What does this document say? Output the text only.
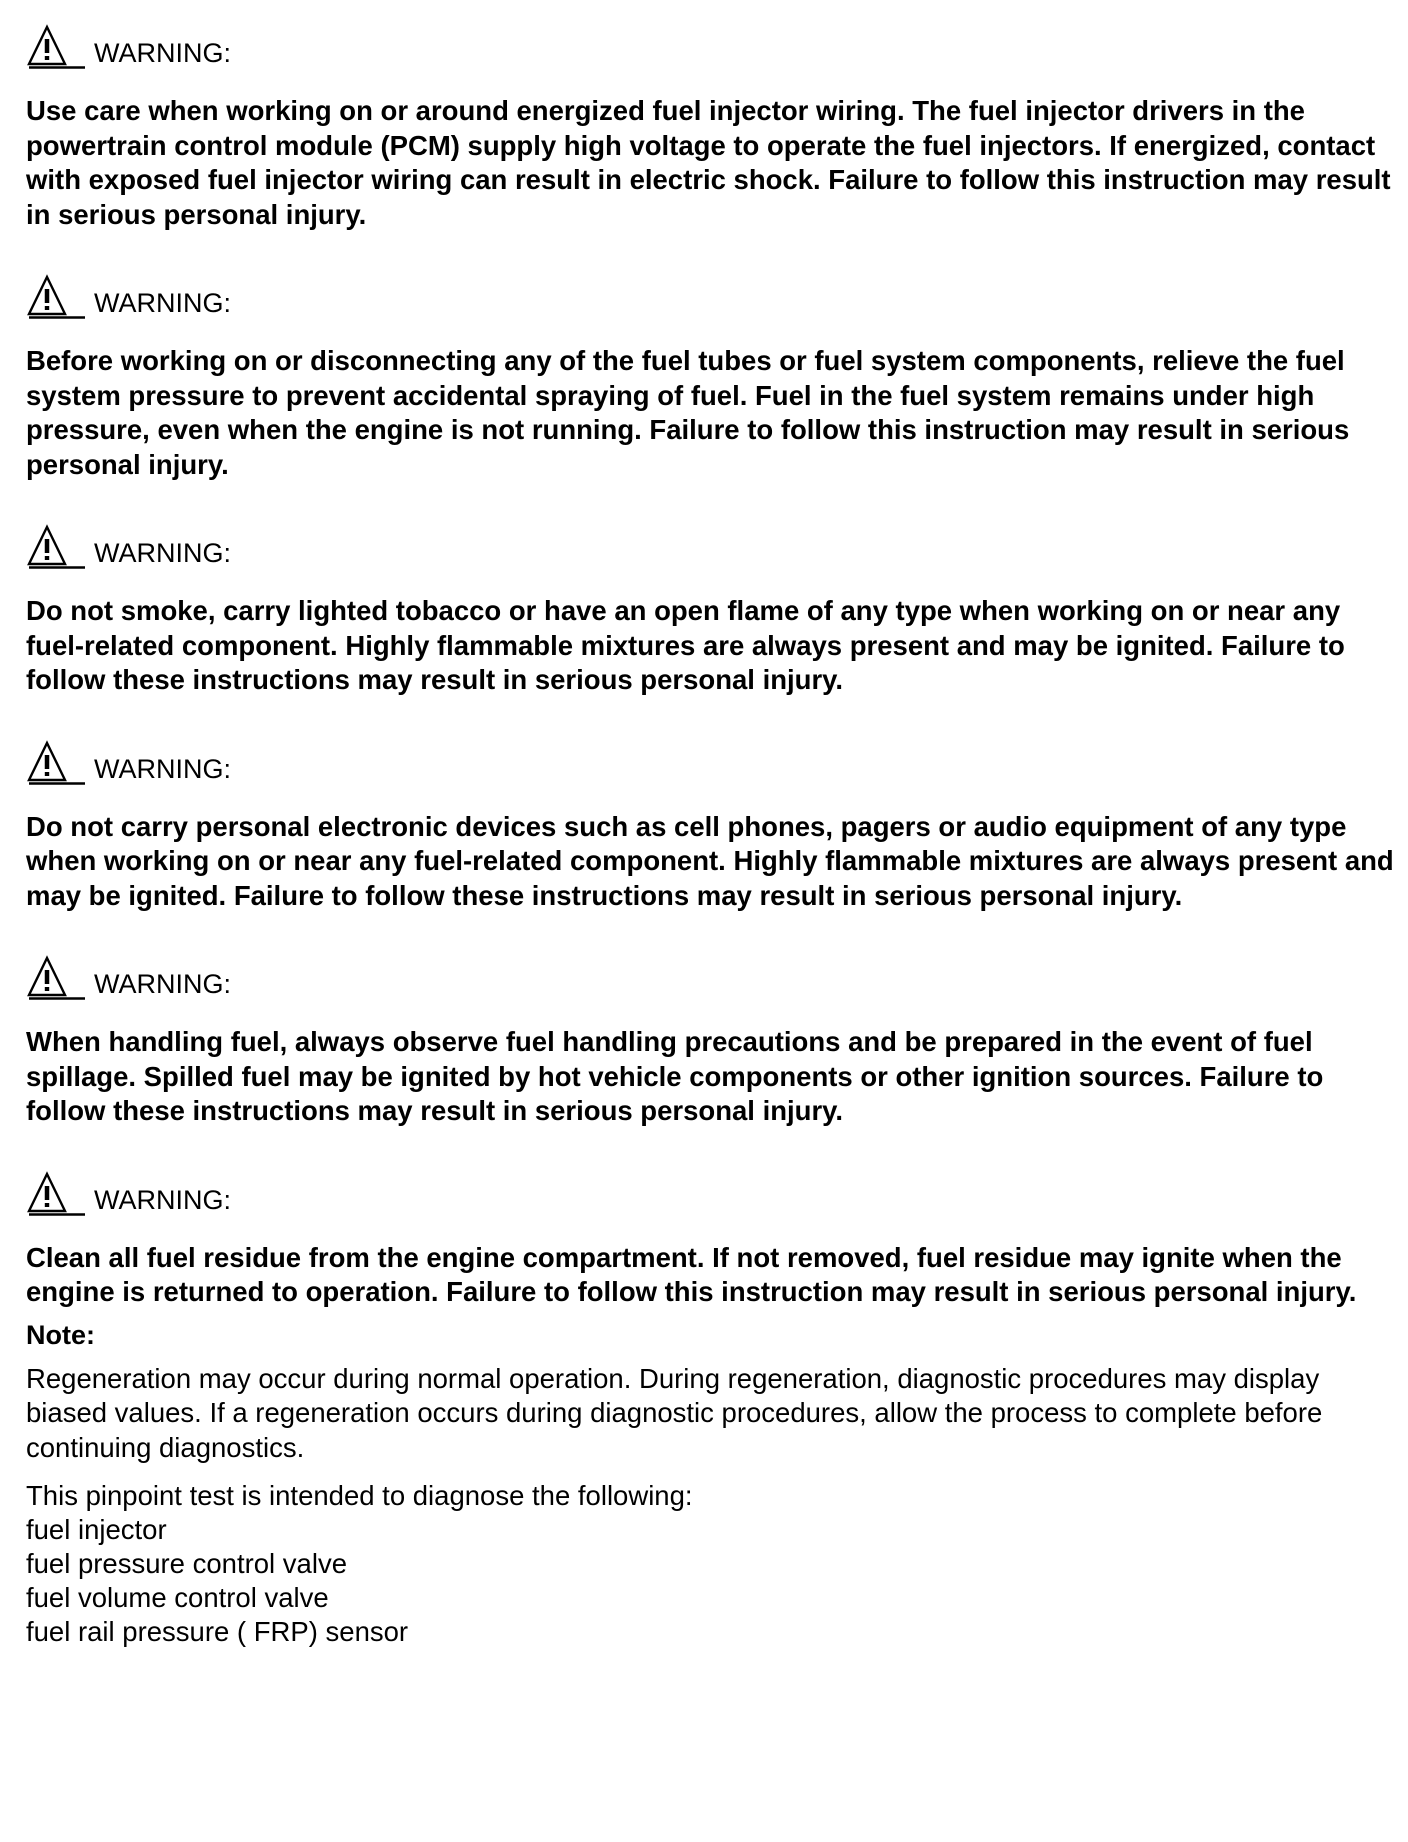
WARNING:

Use care when working on or around energized fuel injector wiring. The fuel injector drivers in the powertrain control module (PCM) supply high voltage to operate the fuel injectors. If energized, contact with exposed fuel injector wiring can result in electric shock. Failure to follow this instruction may result in serious personal injury.

WARNING:

Before working on or disconnecting any of the fuel tubes or fuel system components, relieve the fuel system pressure to prevent accidental spraying of fuel. Fuel in the fuel system remains under high pressure, even when the engine is not running. Failure to follow this instruction may result in serious personal injury.

WARNING:

Do not smoke, carry lighted tobacco or have an open flame of any type when working on or near any fuel-related component. Highly flammable mixtures are always present and may be ignited. Failure to follow these instructions may result in serious personal injury.

WARNING:

Do not carry personal electronic devices such as cell phones, pagers or audio equipment of any type when working on or near any fuel-related component. Highly flammable mixtures are always present and may be ignited. Failure to follow these instructions may result in serious personal injury.

WARNING:

When handling fuel, always observe fuel handling precautions and be prepared in the event of fuel spillage. Spilled fuel may be ignited by hot vehicle components or other ignition sources. Failure to follow these instructions may result in serious personal injury.

WARNING:

Clean all fuel residue from the engine compartment. If not removed, fuel residue may ignite when the engine is returned to operation. Failure to follow this instruction may result in serious personal injury.

Note:

Regeneration may occur during normal operation. During regeneration, diagnostic procedures may display biased values. If a regeneration occurs during diagnostic procedures, allow the process to complete before continuing diagnostics.

This pinpoint test is intended to diagnose the following:

fuel injector
fuel pressure control valve
fuel volume control valve
fuel rail pressure ( FRP) sensor
